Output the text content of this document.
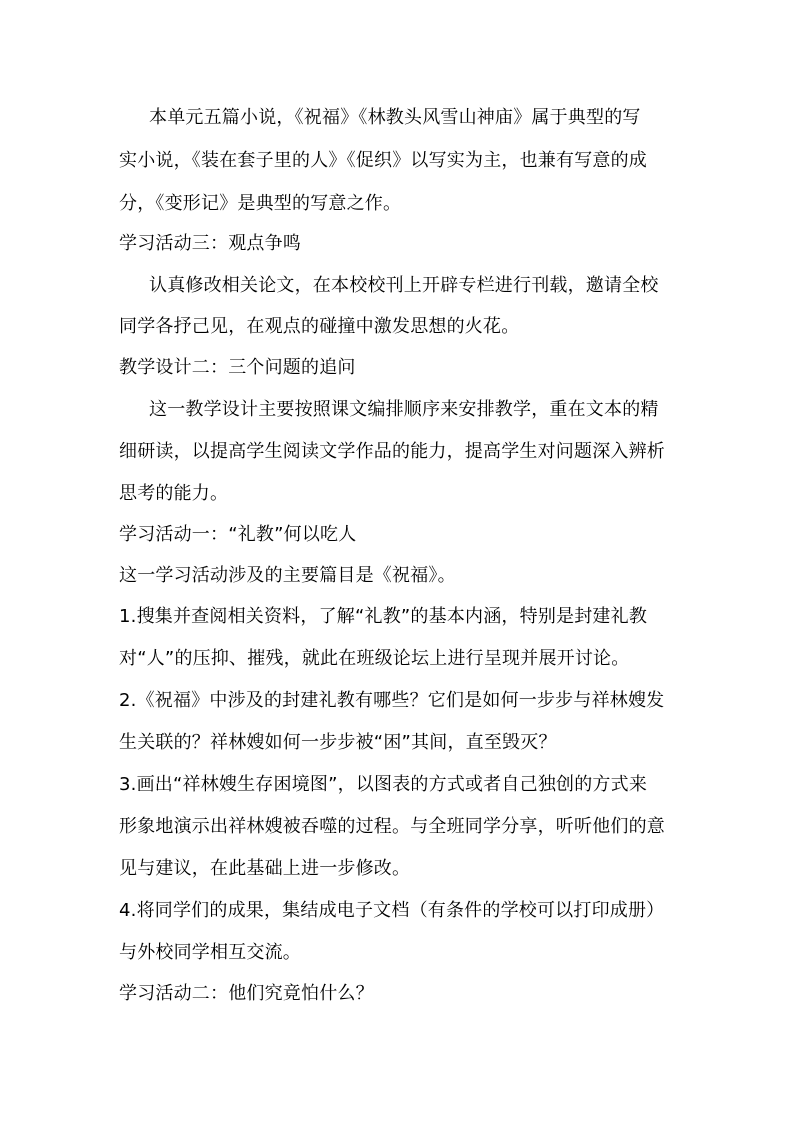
本单元五篇小说，《祝福》《林教头风雪山神庙》属于典型的写
实小说，《装在套子里的人》《促织》以写实为主，也兼有写意的成
分，《变形记》是典型的写意之作。
学习活动三：观点争鸣
认真修改相关论文，在本校校刊上开辟专栏进行刊载，邀请全校
同学各抒己见，在观点的碰撞中激发思想的火花。
教学设计二：三个问题的追问
这一教学设计主要按照课文编排顺序来安排教学，重在文本的精
细研读，以提高学生阅读文学作品的能力，提高学生对问题深入辨析
思考的能力。
学习活动一：“礼教”何以吃人
这一学习活动涉及的主要篇目是《祝福》。
1.搜集并查阅相关资料，了解“礼教”的基本内涵，特别是封建礼教
对“人”的压抑、摧残，就此在班级论坛上进行呈现并展开讨论。
2.《祝福》中涉及的封建礼教有哪些？它们是如何一步步与祥林嫂发
生关联的？祥林嫂如何一步步被“困”其间，直至毁灭？
3.画出“祥林嫂生存困境图”，以图表的方式或者自己独创的方式来
形象地演示出祥林嫂被吞噬的过程。与全班同学分享，听听他们的意
见与建议，在此基础上进一步修改。
4.将同学们的成果，集结成电子文档（有条件的学校可以打印成册）
与外校同学相互交流。
学习活动二：他们究竟怕什么？
